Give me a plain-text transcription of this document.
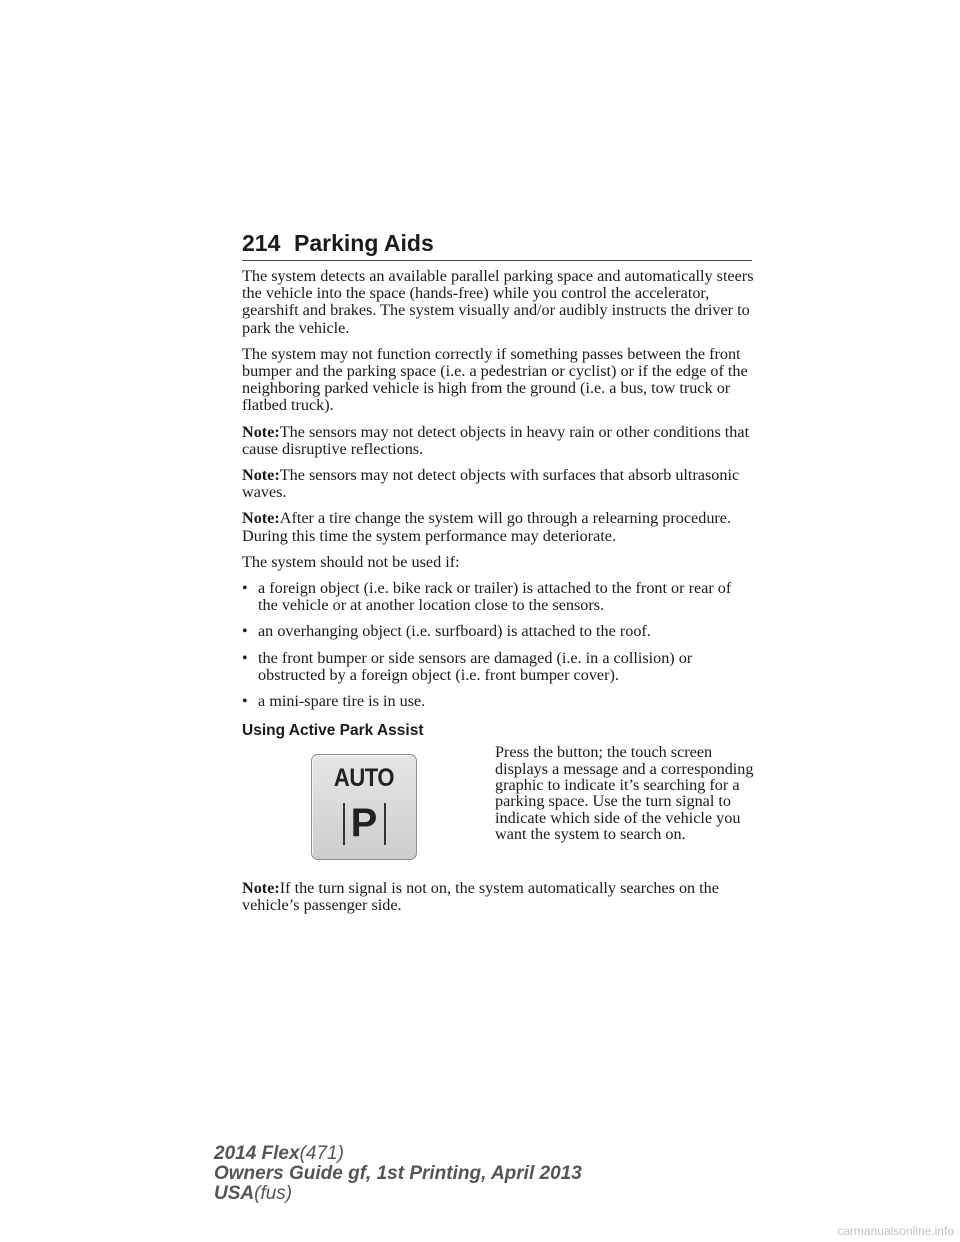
214 Parking Aids

The system detects an available parallel parking space and automatically steers the vehicle into the space (hands-free) while you control the accelerator, gearshift and brakes. The system visually and/or audibly instructs the driver to park the vehicle.

The system may not function correctly if something passes between the front bumper and the parking space (i.e. a pedestrian or cyclist) or if the edge of the neighboring parked vehicle is high from the ground (i.e. a bus, tow truck or flatbed truck).

Note:The sensors may not detect objects in heavy rain or other conditions that cause disruptive reflections.

Note:The sensors may not detect objects with surfaces that absorb ultrasonic waves.

Note:After a tire change the system will go through a relearning procedure. During this time the system performance may deteriorate.

The system should not be used if:

• a foreign object (i.e. bike rack or trailer) is attached to the front or rear of the vehicle or at another location close to the sensors.
• an overhanging object (i.e. surfboard) is attached to the roof.
• the front bumper or side sensors are damaged (i.e. in a collision) or obstructed by a foreign object (i.e. front bumper cover).
• a mini-spare tire is in use.
Using Active Park Assist
AUTO
P

Press the button; the touch screen displays a message and a corresponding graphic to indicate it’s searching for a parking space. Use the turn signal to indicate which side of the vehicle you want the system to search on.

Note:If the turn signal is not on, the system automatically searches on the vehicle’s passenger side.

2014 Flex(471)
Owners Guide gf, 1st Printing, April 2013
USA(fus)
carmanualsonline.info
